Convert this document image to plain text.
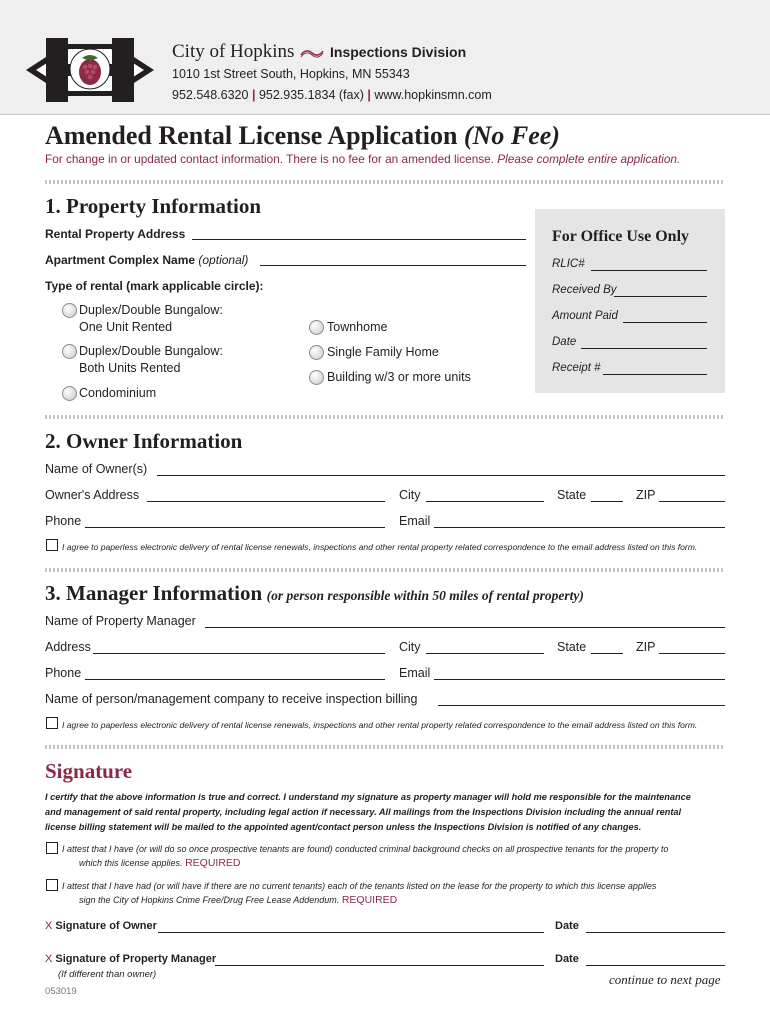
City of Hopkins	Inspections Division
1010 1st Street South, Hopkins, MN 55343
952.548.6320 | 952.935.1834 (fax) | www.hopkinsmn.com
Amended Rental License Application (No Fee)
For change in or updated contact information. There is no fee for an amended license. Please complete entire application.
1. Property Information
Rental Property Address
Apartment Complex Name (optional)
Type of rental (mark applicable circle):
Duplex/Double Bungalow:
One Unit Rented
Duplex/Double Bungalow:
Both Units Rented
Condominium
Townhome
Single Family Home
Building w/3 or more units
For Office Use Only
RLIC#
Received By
Amount Paid
Date
Receipt #
2. Owner Information
Name of Owner(s)
Owner's Address	City	State	ZIP
Phone	Email
I agree to paperless electronic delivery of rental license renewals, inspections and other rental property related correspondence to the email address listed on this form.
3. Manager Information (or person responsible within 50 miles of rental property)
Name of Property Manager
Address	City	State	ZIP
Phone	Email
Name of person/management company to receive inspection billing
I agree to paperless electronic delivery of rental license renewals, inspections and other rental property related correspondence to the email address listed on this form.
Signature
I certify that the above information is true and correct. I understand my signature as property manager will hold me responsible for the maintenance
and management of said rental property, including legal action if necessary. All mailings from the Inspections Division including the annual rental
license billing statement will be mailed to the appointed agent/contact person unless the Inspections Division is notified of any changes.
I attest that I have (or will do so once prospective tenants are found) conducted criminal background checks on all prospective tenants for the property to
which this license applies. REQUIRED
I attest that I have had (or will have if there are no current tenants) each of the tenants listed on the lease for the property to which this license applies
sign the City of Hopkins Crime Free/Drug Free Lease Addendum. REQUIRED
X Signature of Owner	Date
X Signature of Property Manager	Date
(If different than owner)
053019
continue to next page
